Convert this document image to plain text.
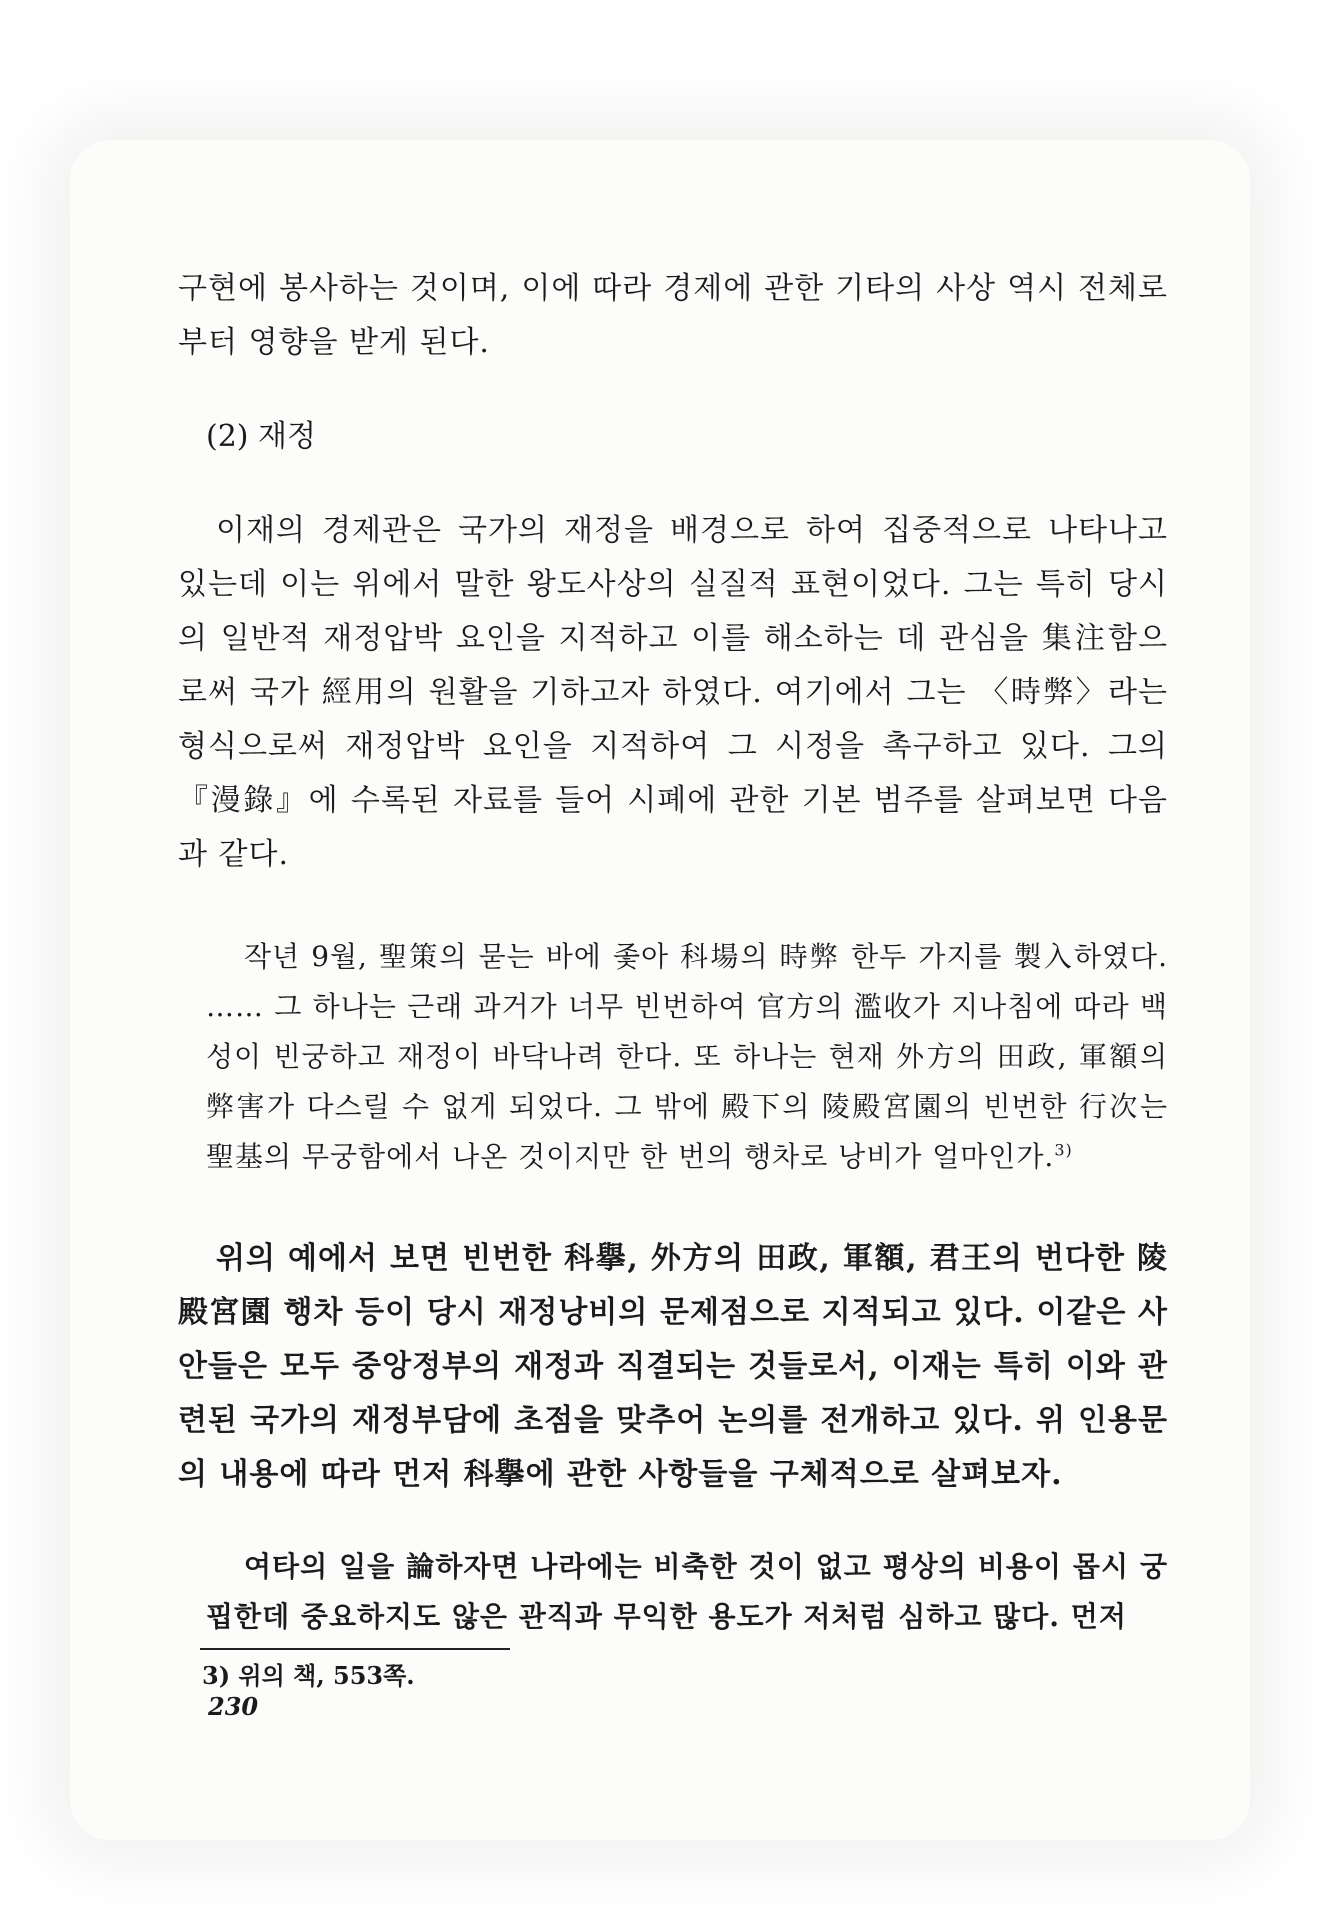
구현에 봉사하는 것이며, 이에 따라 경제에 관한 기타의 사상 역시 전체로부터 영향을 받게 된다.

(2) 재정

이재의 경제관은 국가의 재정을 배경으로 하여 집중적으로 나타나고 있는데 이는 위에서 말한 왕도사상의 실질적 표현이었다. 그는 특히 당시의 일반적 재정압박 요인을 지적하고 이를 해소하는 데 관심을 集注함으로써 국가 經用의 원활을 기하고자 하였다. 여기에서 그는 〈時弊〉라는 형식으로써 재정압박 요인을 지적하여 그 시정을 촉구하고 있다. 그의 『漫錄』에 수록된 자료를 들어 시폐에 관한 기본 범주를 살펴보면 다음과 같다.

작년 9월, 聖策의 묻는 바에 좇아 科場의 時弊 한두 가지를 製入하였다. …… 그 하나는 근래 과거가 너무 빈번하여 官方의 濫收가 지나침에 따라 백성이 빈궁하고 재정이 바닥나려 한다. 또 하나는 현재 外方의 田政, 軍額의 弊害가 다스릴 수 없게 되었다. 그 밖에 殿下의 陵殿宮園의 빈번한 行次는 聖基의 무궁함에서 나온 것이지만 한 번의 행차로 낭비가 얼마인가.$^{3)}$

위의 예에서 보면 빈번한 科擧, 外方의 田政, 軍額, 君王의 번다한 陵殿宮園 행차 등이 당시 재정낭비의 문제점으로 지적되고 있다. 이같은 사안들은 모두 중앙정부의 재정과 직결되는 것들로서, 이재는 특히 이와 관련된 국가의 재정부담에 초점을 맞추어 논의를 전개하고 있다. 위 인용문의 내용에 따라 먼저 科擧에 관한 사항들을 구체적으로 살펴보자.

여타의 일을 論하자면 나라에는 비축한 것이 없고 평상의 비용이 몹시 궁핍한데 중요하지도 않은 관직과 무익한 용도가 저처럼 심하고 많다. 먼저

3) 위의 책, 553쪽.

230
